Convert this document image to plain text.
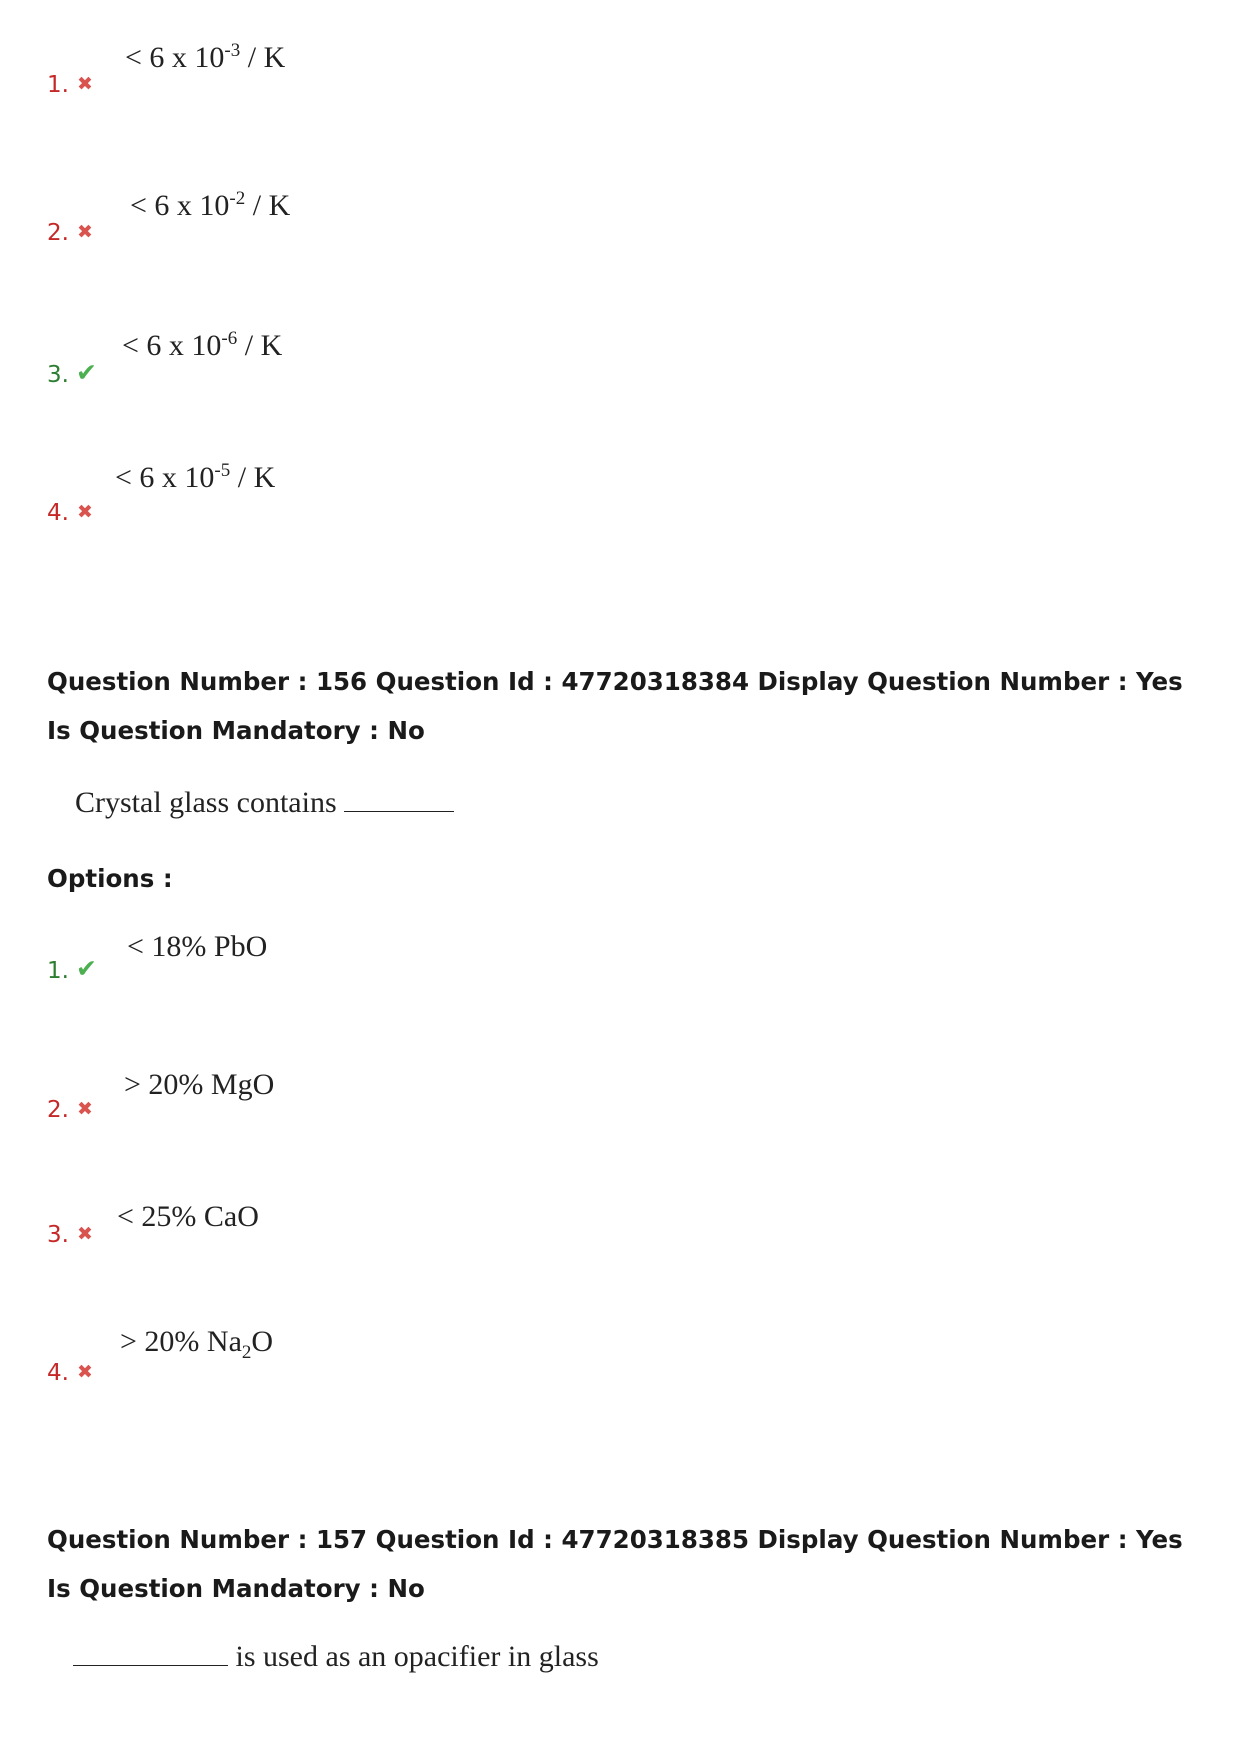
1. ✖
< 6 x $10^{-3}$ / K
2. ✖
< 6 x $10^{-2}$ / K
3. ✔
< 6 x $10^{-6}$ / K
4. ✖
< 6 x $10^{-5}$ / K
Question Number : 156 Question Id : 47720318384 Display Question Number : Yes Is Question Mandatory : No
Crystal glass contains
Options :
1. ✔
< 18% PbO
2. ✖
> 20% MgO
3. ✖
< 25% CaO
4. ✖
> 20% $Na_2O$
Question Number : 157 Question Id : 47720318385 Display Question Number : Yes Is Question Mandatory : No
is used as an opacifier in glass
